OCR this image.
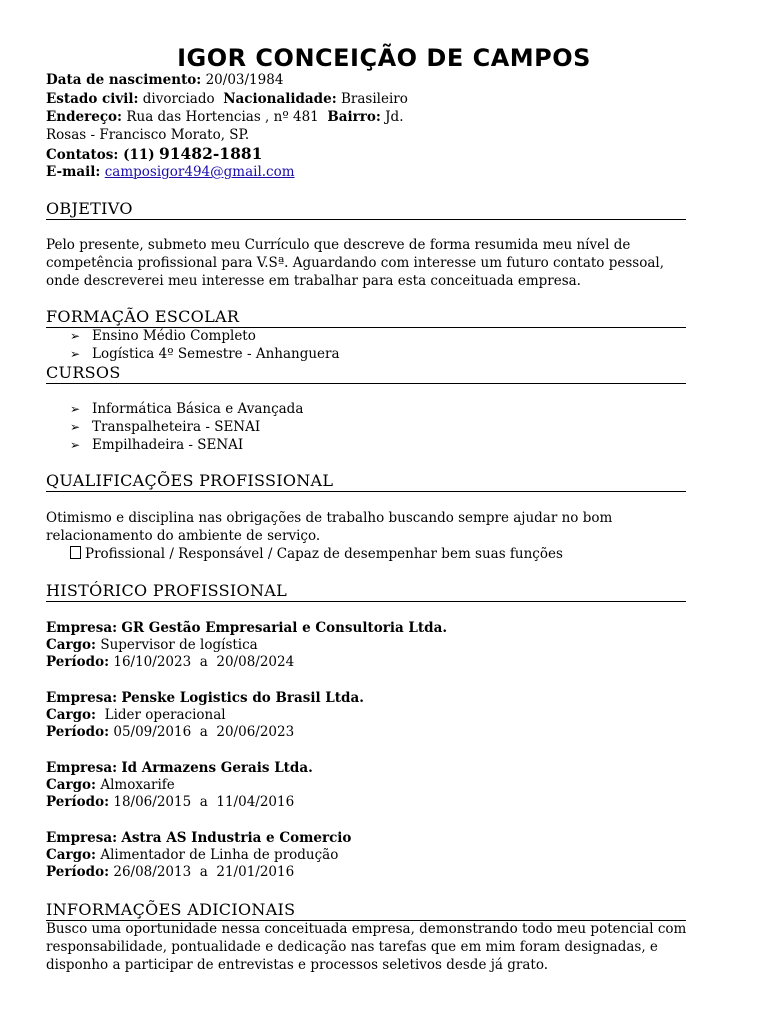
IGOR CONCEIÇÃO DE CAMPOS
Data de nascimento: 20/03/1984
Estado civil: divorciado Nacionalidade: Brasileiro
Endereço: Rua das Hortencias , nº 481 Bairro: Jd.
Rosas - Francisco Morato, SP.
Contatos: (11) 91482-1881
E-mail: camposigor494@gmail.com
OBJETIVO
Pelo presente, submeto meu Currículo que descreve de forma resumida meu nível de
competência profissional para V.Sª. Aguardando com interesse um futuro contato pessoal,
onde descreverei meu interesse em trabalhar para esta conceituada empresa.
FORMAÇÃO ESCOLAR
➢ Ensino Médio Completo
➢ Logística 4º Semestre - Anhanguera
CURSOS
➢ Informática Básica e Avançada
➢ Transpalheteira - SENAI
➢ Empilhadeira - SENAI
QUALIFICAÇÕES PROFISSIONAL
Otimismo e disciplina nas obrigações de trabalho buscando sempre ajudar no bom
relacionamento do ambiente de serviço.
Profissional / Responsável / Capaz de desempenhar bem suas funções
HISTÓRICO PROFISSIONAL
Empresa: GR Gestão Empresarial e Consultoria Ltda.
Cargo: Supervisor de logística
Período: 16/10/2023  a  20/08/2024
Empresa: Penske Logistics do Brasil Ltda.
Cargo:  Lider operacional
Período: 05/09/2016  a  20/06/2023
Empresa: Id Armazens Gerais Ltda.
Cargo: Almoxarife
Período: 18/06/2015  a  11/04/2016
Empresa: Astra AS Industria e Comercio
Cargo: Alimentador de Linha de produção
Período: 26/08/2013  a  21/01/2016
INFORMAÇÕES ADICIONAIS
Busco uma oportunidade nessa conceituada empresa, demonstrando todo meu potencial com
responsabilidade, pontualidade e dedicação nas tarefas que em mim foram designadas, e
disponho a participar de entrevistas e processos seletivos desde já grato.
